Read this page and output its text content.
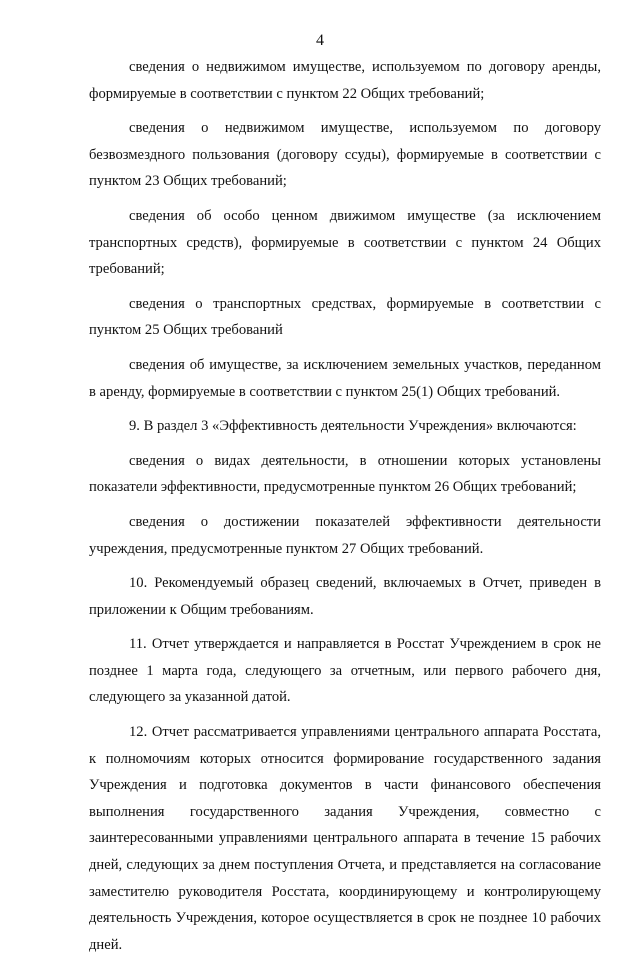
4

сведения о недвижимом имуществе, используемом по договору аренды, формируемые в соответствии с пунктом 22 Общих требований;

сведения о недвижимом имуществе, используемом по договору безвозмездного пользования (договору ссуды), формируемые в соответствии с пунктом 23 Общих требований;

сведения об особо ценном движимом имуществе (за исключением транспортных средств), формируемые в соответствии с пунктом 24 Общих требований;

сведения о транспортных средствах, формируемые в соответствии с пунктом 25 Общих требований

сведения об имуществе, за исключением земельных участков, переданном в аренду, формируемые в соответствии с пунктом 25(1) Общих требований.

9. В раздел 3 «Эффективность деятельности Учреждения» включаются:

сведения о видах деятельности, в отношении которых установлены показатели эффективности, предусмотренные пунктом 26 Общих требований;

сведения о достижении показателей эффективности деятельности учреждения, предусмотренные пунктом 27 Общих требований.

10. Рекомендуемый образец сведений, включаемых в Отчет, приведен в приложении к Общим требованиям.

11. Отчет утверждается и направляется в Росстат Учреждением в срок не позднее 1 марта года, следующего за отчетным, или первого рабочего дня, следующего за указанной датой.

12. Отчет рассматривается управлениями центрального аппарата Росстата, к полномочиям которых относится формирование государственного задания Учреждения и подготовка документов в части финансового обеспечения выполнения государственного задания Учреждения, совместно с заинтересованными управлениями центрального аппарата в течение 15 рабочих дней, следующих за днем поступления Отчета, и представляется на согласование заместителю руководителя Росстата, координирующему и контролирующему деятельность Учреждения, которое осуществляется в срок не позднее 10 рабочих дней.
